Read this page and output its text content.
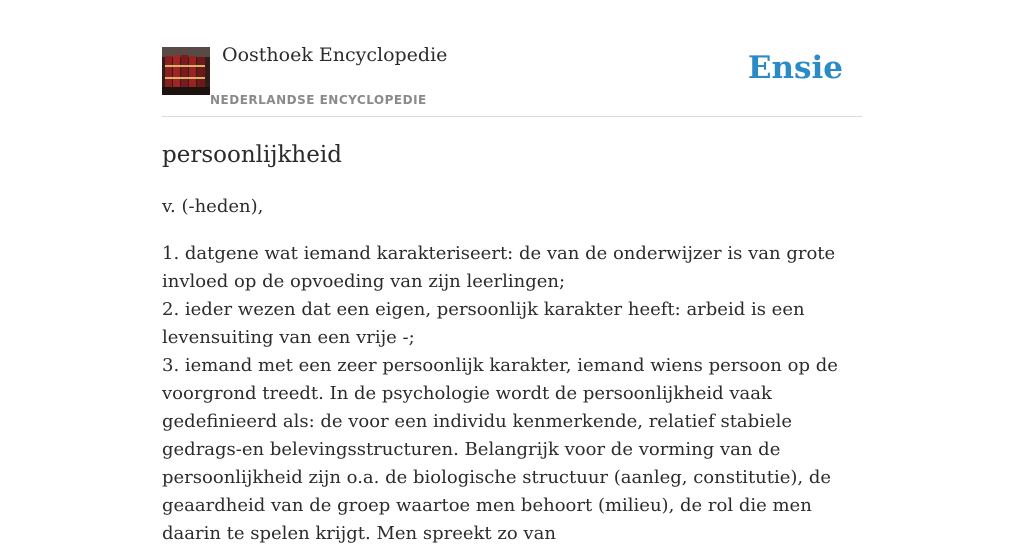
Oosthoek Encyclopedie
NEDERLANDSE ENCYCLOPEDIE
Ensie
persoonlijkheid

v. (-heden),

1. datgene wat iemand karakteriseert: de van de onderwijzer is van grote invloed op de opvoeding van zijn leerlingen;
2. ieder wezen dat een eigen, persoonlijk karakter heeft: arbeid is een levensuiting van een vrije -;
3. iemand met een zeer persoonlijk karakter, iemand wiens persoon op de voorgrond treedt. In de psychologie wordt de persoonlijkheid vaak gedefinieerd als: de voor een individu kenmerkende, relatief stabiele gedrags-en belevingsstructuren. Belangrijk voor de vorming van de persoonlijkheid zijn o.a. de biologische structuur (aanleg, constitutie), de geaardheid van de groep waartoe men behoort (milieu), de rol die men daarin te spelen krijgt. Men spreekt zo van
